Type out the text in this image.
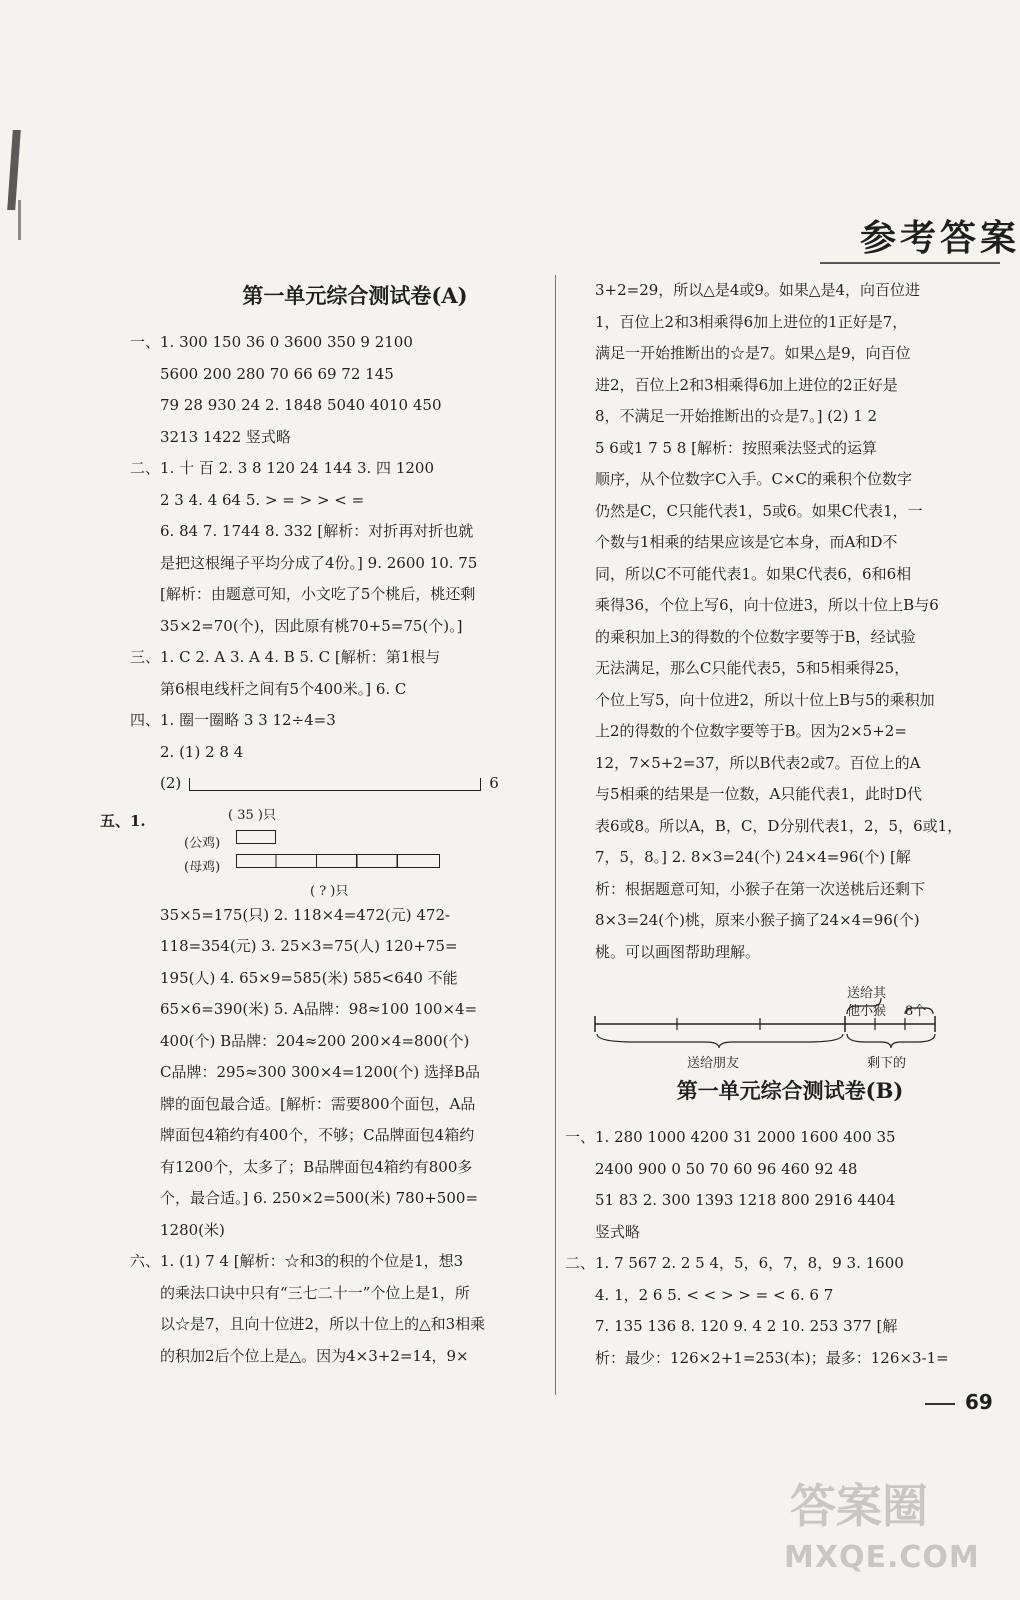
参考答案
第一单元综合测试卷(A)
一、1. 300 150 36 0 3600 350 9 2100
5600 200 280 70 66 69 72 145
79 28 930 24 2. 1848 5040 4010 450
3213 1422 竖式略
二、1. 十 百 2. 3 8 120 24 144 3. 四 1200
2 3 4. 4 64 5. > = > > < =
6. 84 7. 1744 8. 332 [解析：对折再对折也就
是把这根绳子平均分成了4份。] 9. 2600 10. 75
[解析：由题意可知，小文吃了5个桃后，桃还剩
35×2=70(个)，因此原有桃70+5=75(个)。]
三、1. C 2. A 3. A 4. B 5. C [解析：第1根与
第6根电线杆之间有5个400米。] 6. C
四、1. 圈一圈略 3 3 12÷4=3
2. (1) 2 8 4
(2)	6
五、1.	( 35 )只
(公鸡)
(母鸡)
( ? )只
35×5=175(只) 2. 118×4=472(元) 472-
118=354(元) 3. 25×3=75(人) 120+75=
195(人) 4. 65×9=585(米) 585<640 不能
65×6=390(米) 5. A品牌：98≈100 100×4=
400(个) B品牌：204≈200 200×4=800(个)
C品牌：295≈300 300×4=1200(个) 选择B品
牌的面包最合适。[解析：需要800个面包，A品
牌面包4箱约有400个，不够；C品牌面包4箱约
有1200个，太多了；B品牌面包4箱约有800多
个，最合适。] 6. 250×2=500(米) 780+500=
1280(米)
六、1. (1) 7 4 [解析：☆和3的积的个位是1，想3
的乘法口诀中只有“三七二十一”个位上是1，所
以☆是7，且向十位进2，所以十位上的△和3相乘
的积加2后个位上是△。因为4×3+2=14，9×
3+2=29，所以△是4或9。如果△是4，向百位进
1，百位上2和3相乘得6加上进位的1正好是7，
满足一开始推断出的☆是7。如果△是9，向百位
进2，百位上2和3相乘得6加上进位的2正好是
8，不满足一开始推断出的☆是7。] (2) 1 2
5 6或1 7 5 8 [解析：按照乘法竖式的运算
顺序，从个位数字C入手。C×C的乘积个位数字
仍然是C，C只能代表1，5或6。如果C代表1，一
个数与1相乘的结果应该是它本身，而A和D不
同，所以C不可能代表1。如果C代表6，6和6相
乘得36，个位上写6，向十位进3，所以十位上B与6
的乘积加上3的得数的个位数字要等于B，经试验
无法满足，那么C只能代表5，5和5相乘得25，
个位上写5，向十位进2，所以十位上B与5的乘积加
上2的得数的个位数字要等于B。因为2×5+2=
12，7×5+2=37，所以B代表2或7。百位上的A
与5相乘的结果是一位数，A只能代表1，此时D代
表6或8。所以A，B，C，D分别代表1，2，5，6或1，
7，5，8。] 2. 8×3=24(个) 24×4=96(个) [解
析：根据题意可知，小猴子在第一次送桃后还剩下
8×3=24(个)桃，原来小猴子摘了24×4=96(个)
桃。可以画图帮助理解。
送给其
他小猴 8个
送给朋友	剩下的
第一单元综合测试卷(B)
一、1. 280 1000 4200 31 2000 1600 400 35
2400 900 0 50 70 60 96 460 92 48
51 83 2. 300 1393 1218 800 2916 4404
竖式略
二、1. 7 567 2. 2 5 4，5，6，7，8，9 3. 1600
4. 1，2 6 5. < < > > = < 6. 6 7
7. 135 136 8. 120 9. 4 2 10. 253 377 [解
析：最少：126×2+1=253(本)；最多：126×3-1=
69
答案圈
MXQE.COM
